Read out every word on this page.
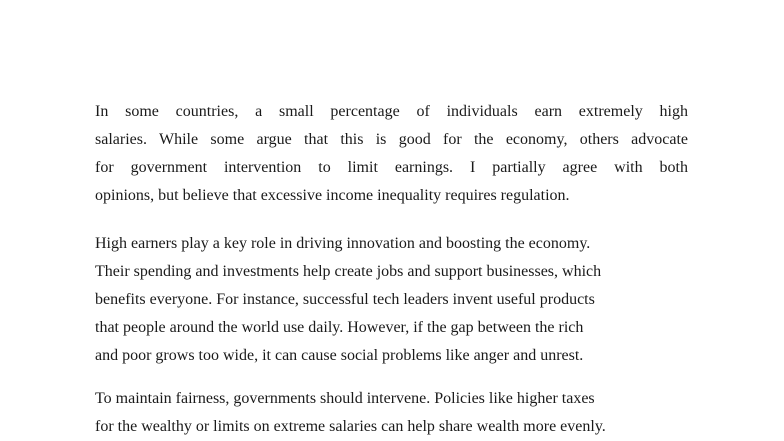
In some countries, a small percentage of individuals earn extremely high
salaries. While some argue that this is good for the economy, others advocate
for government intervention to limit earnings. I partially agree with both
opinions, but believe that excessive income inequality requires regulation.
High earners play a key role in driving innovation and boosting the economy.
Their spending and investments help create jobs and support businesses, which
benefits everyone. For instance, successful tech leaders invent useful products
that people around the world use daily. However, if the gap between the rich
and poor grows too wide, it can cause social problems like anger and unrest.
To maintain fairness, governments should intervene. Policies like higher taxes
for the wealthy or limits on extreme salaries can help share wealth more evenly.
